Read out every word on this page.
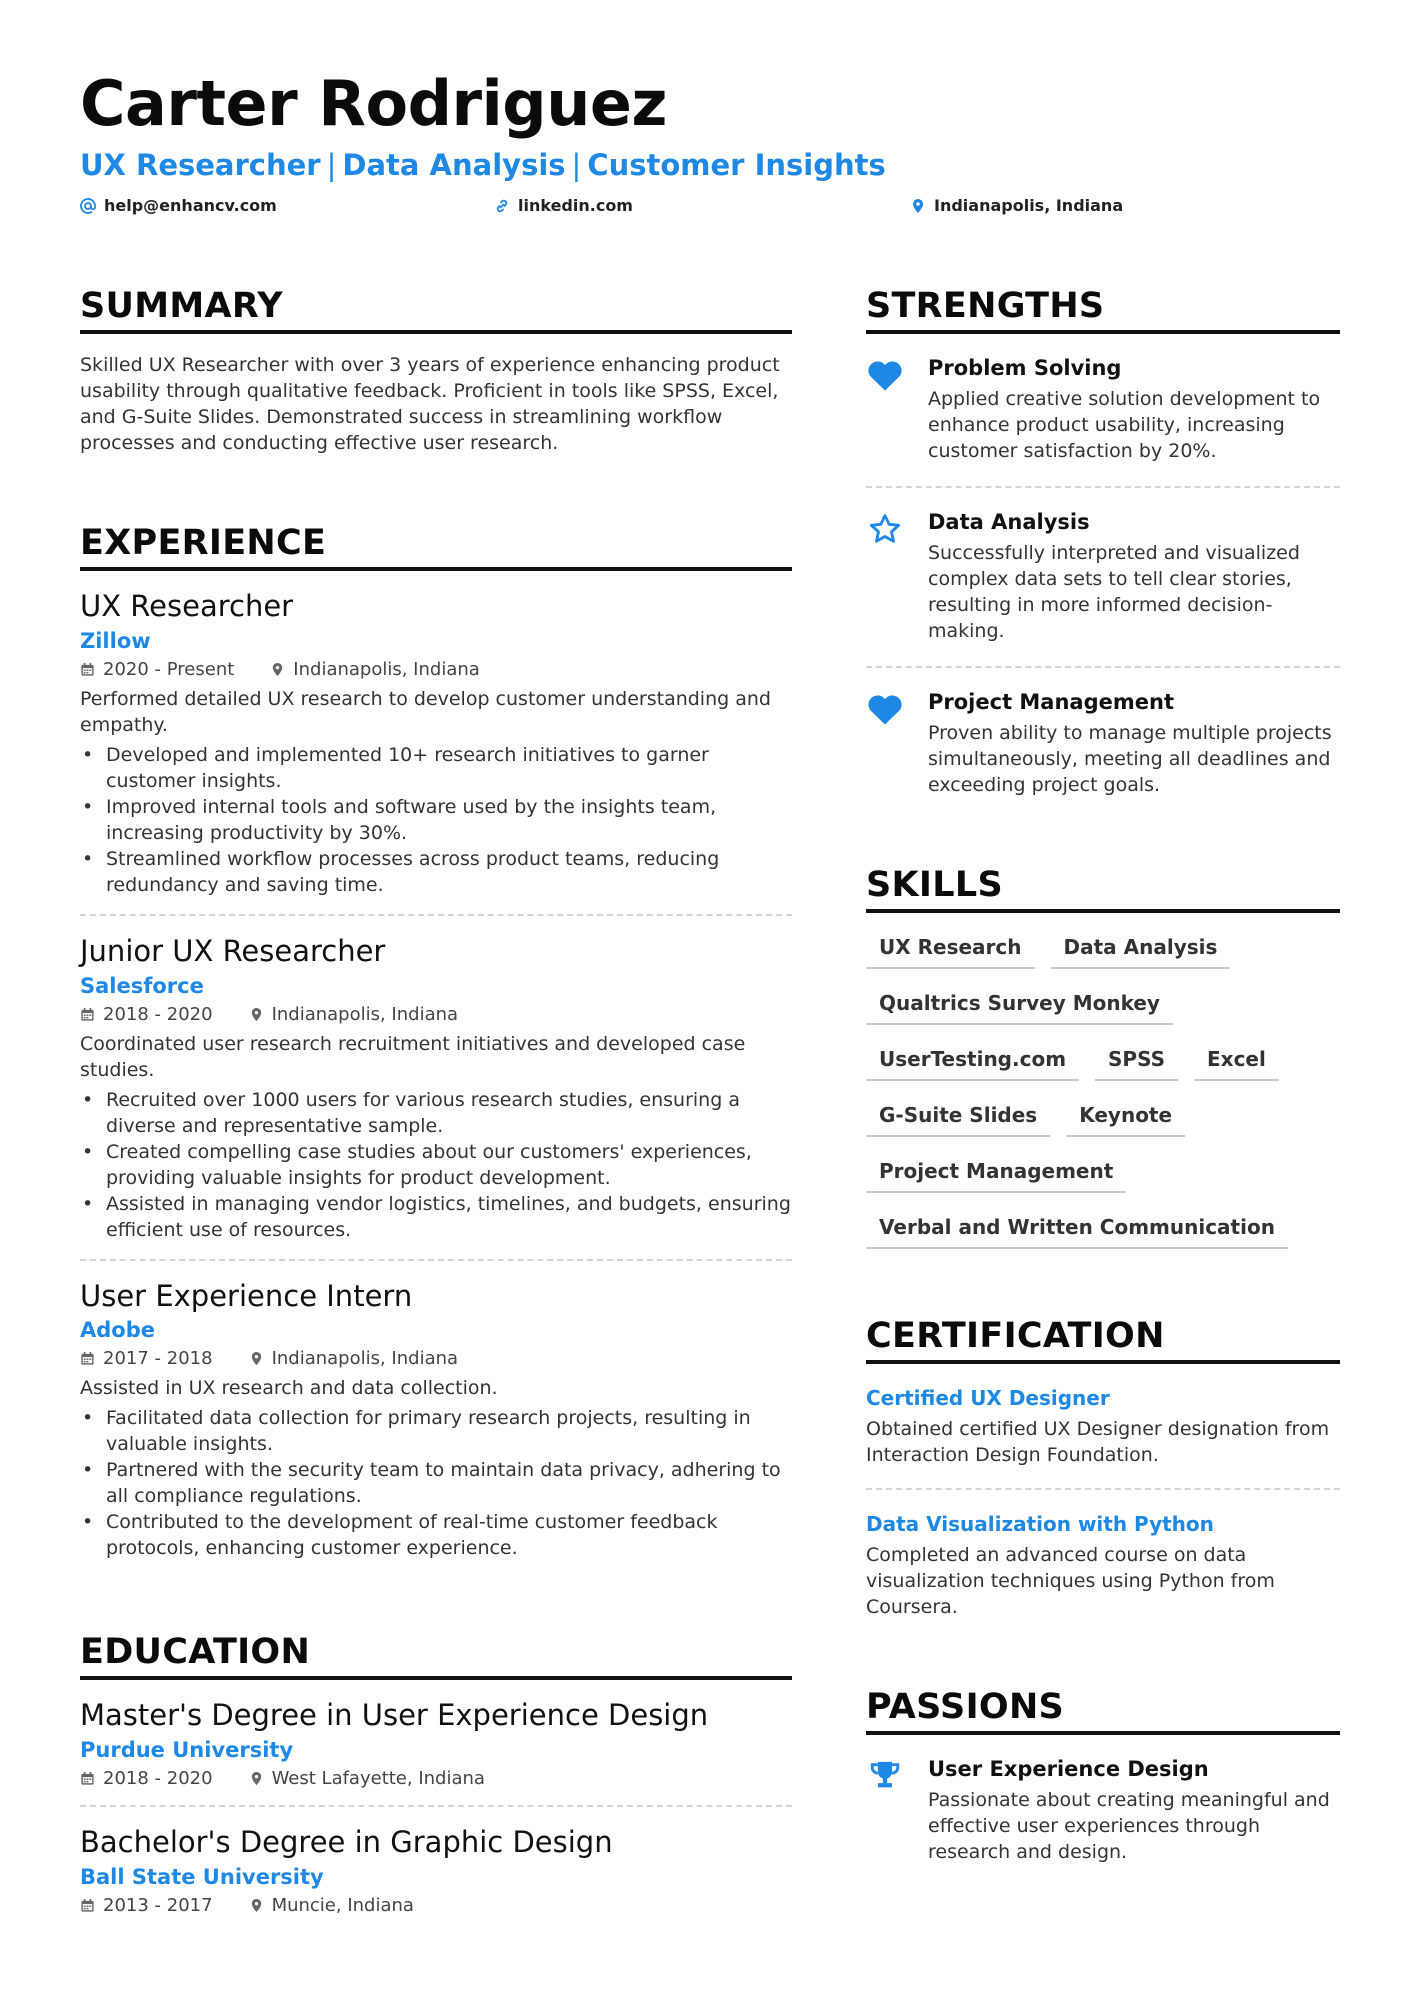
Carter Rodriguez
UX Researcher | Data Analysis | Customer Insights
help@enhancv.com	linkedin.com	Indianapolis, Indiana
SUMMARY
Skilled UX Researcher with over 3 years of experience enhancing product usability through qualitative feedback. Proficient in tools like SPSS, Excel, and G-Suite Slides. Demonstrated success in streamlining workflow processes and conducting effective user research.
EXPERIENCE
UX Researcher
Zillow
2020 - Present	Indianapolis, Indiana
Performed detailed UX research to develop customer understanding and empathy.
• Developed and implemented 10+ research initiatives to garner customer insights.
• Improved internal tools and software used by the insights team, increasing productivity by 30%.
• Streamlined workflow processes across product teams, reducing redundancy and saving time.
Junior UX Researcher
Salesforce
2018 - 2020	Indianapolis, Indiana
Coordinated user research recruitment initiatives and developed case studies.
• Recruited over 1000 users for various research studies, ensuring a diverse and representative sample.
• Created compelling case studies about our customers' experiences, providing valuable insights for product development.
• Assisted in managing vendor logistics, timelines, and budgets, ensuring efficient use of resources.
User Experience Intern
Adobe
2017 - 2018	Indianapolis, Indiana
Assisted in UX research and data collection.
• Facilitated data collection for primary research projects, resulting in valuable insights.
• Partnered with the security team to maintain data privacy, adhering to all compliance regulations.
• Contributed to the development of real-time customer feedback protocols, enhancing customer experience.
EDUCATION
Master's Degree in User Experience Design
Purdue University
2018 - 2020	West Lafayette, Indiana
Bachelor's Degree in Graphic Design
Ball State University
2013 - 2017	Muncie, Indiana
STRENGTHS
Problem Solving

Applied creative solution development to enhance product usability, increasing customer satisfaction by 20%.

Data Analysis

Successfully interpreted and visualized complex data sets to tell clear stories, resulting in more informed decision-making.

Project Management

Proven ability to manage multiple projects simultaneously, meeting all deadlines and exceeding project goals.

SKILLS
UX Research	Data Analysis
Qualtrics Survey Monkey
UserTesting.com	SPSS	Excel
G-Suite Slides	Keynote
Project Management
Verbal and Written Communication
CERTIFICATION
Certified UX Designer
Obtained certified UX Designer designation from Interaction Design Foundation.
Data Visualization with Python
Completed an advanced course on data visualization techniques using Python from Coursera.
PASSIONS
User Experience Design

Passionate about creating meaningful and effective user experiences through research and design.
